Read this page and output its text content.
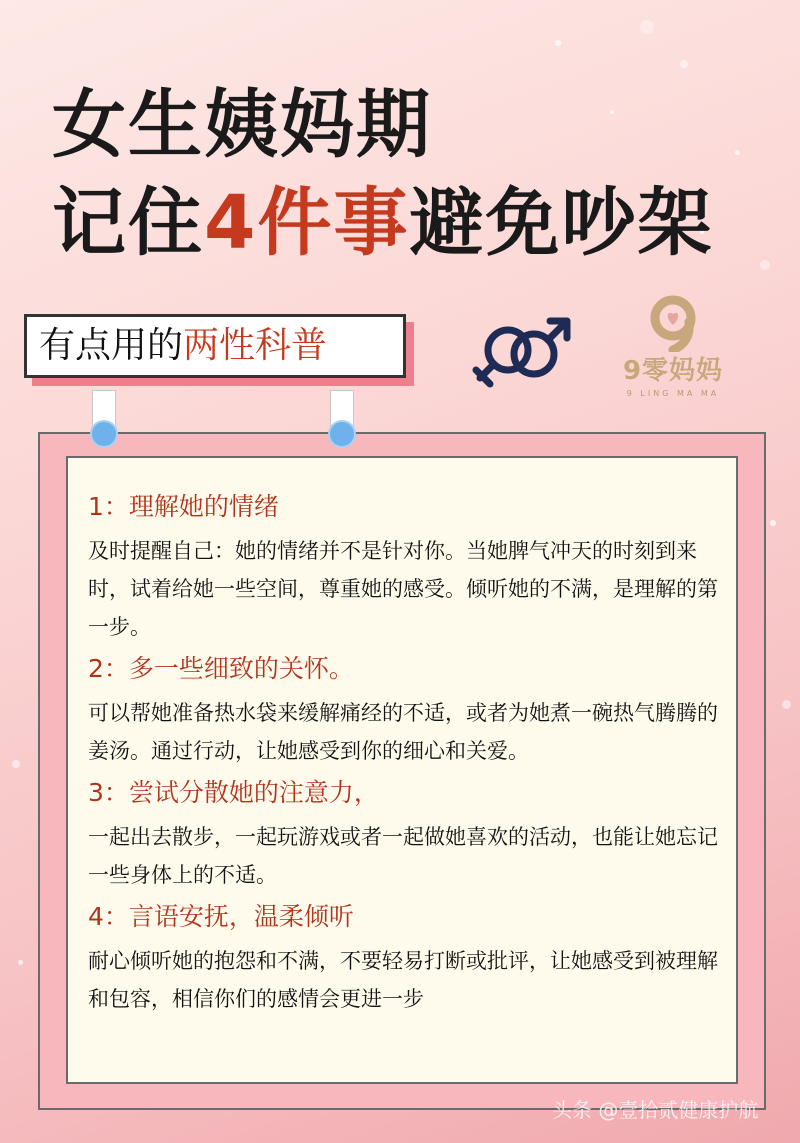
女生姨妈期
记住4件事避免吵架
有点用的两性科普
9零妈妈
9 LING MA MA

1：理解她的情绪

及时提醒自己：她的情绪并不是针对你。当她脾气冲天的时刻到来时，试着给她一些空间，尊重她的感受。倾听她的不满，是理解的第一步。

2：多一些细致的关怀。

可以帮她准备热水袋来缓解痛经的不适，或者为她煮一碗热气腾腾的姜汤。通过行动，让她感受到你的细心和关爱。

3：尝试分散她的注意力，

一起出去散步，一起玩游戏或者一起做她喜欢的活动，也能让她忘记一些身体上的不适。

4：言语安抚，温柔倾听

耐心倾听她的抱怨和不满，不要轻易打断或批评，让她感受到被理解和包容，相信你们的感情会更进一步

头条 @壹拾贰健康护航
